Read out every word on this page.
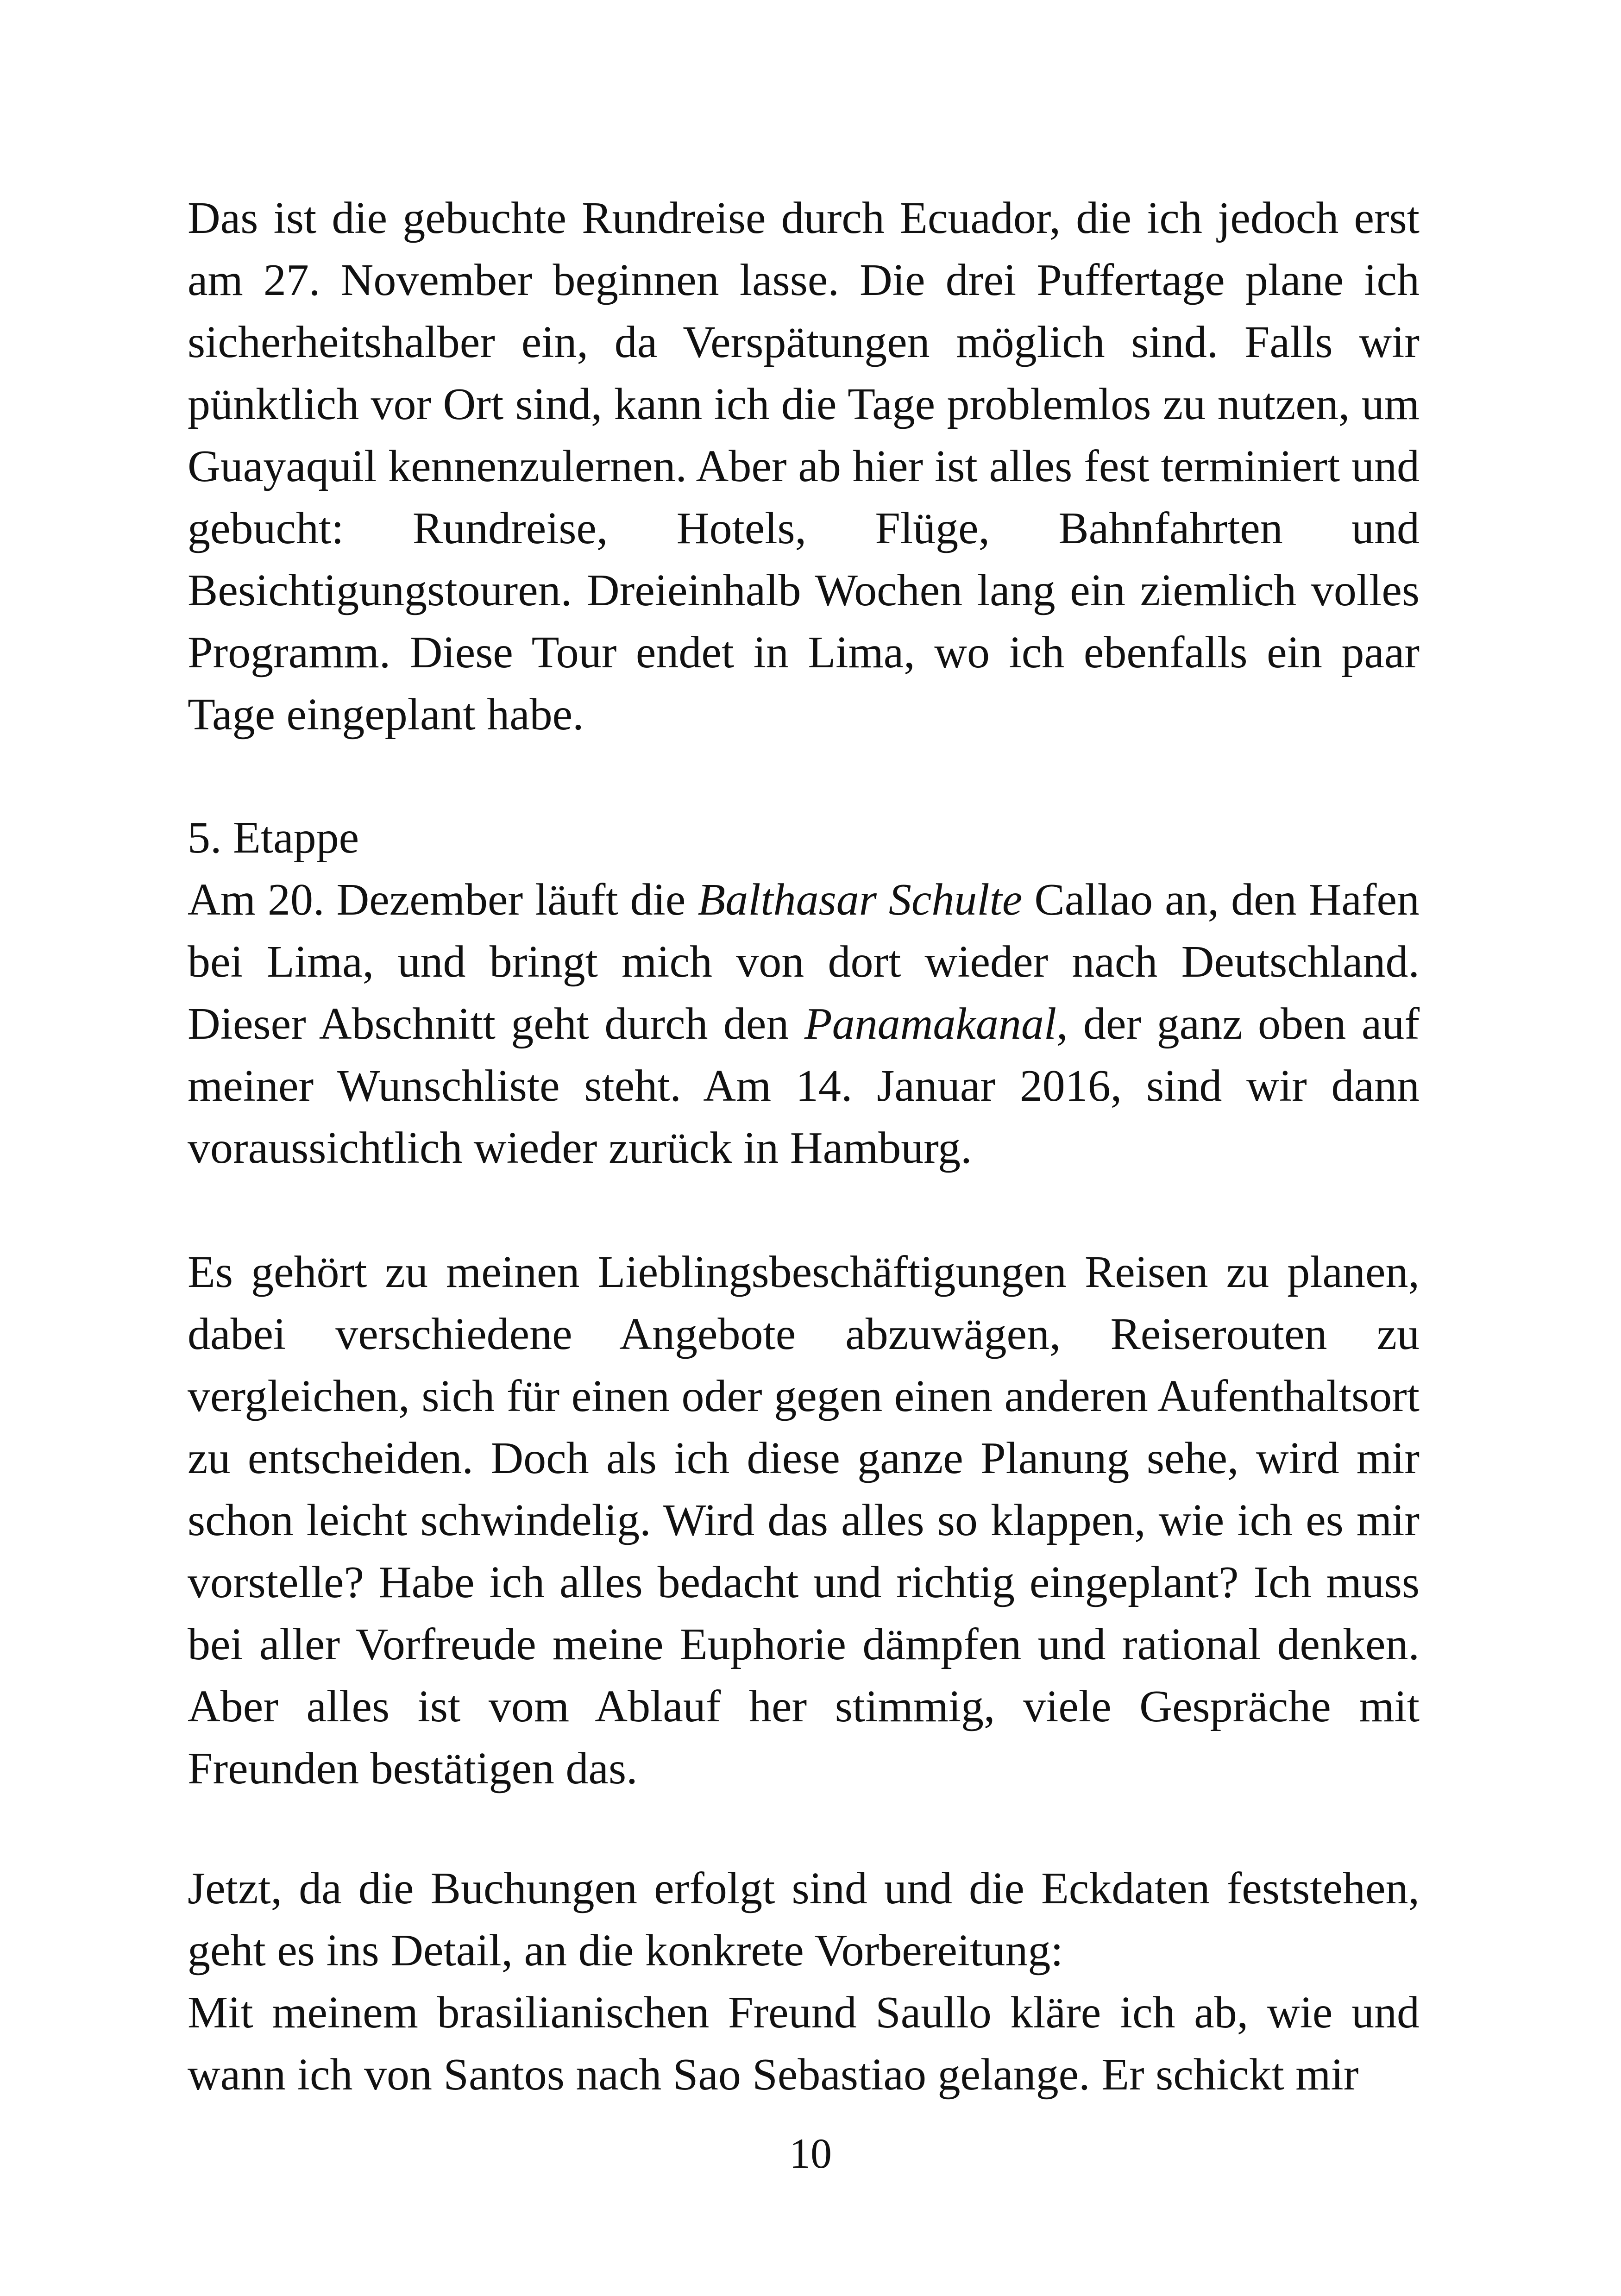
Das ist die gebuchte Rundreise durch Ecuador, die ich jedoch erst am 27. November beginnen lasse. Die drei Puffertage plane ich sicherheitshalber ein, da Verspätungen möglich sind. Falls wir pünktlich vor Ort sind, kann ich die Tage problemlos zu nutzen, um Guayaquil kennenzulernen. Aber ab hier ist alles fest terminiert und gebucht: Rundreise, Hotels, Flüge, Bahnfahrten und Besichtigungstouren. Dreieinhalb Wochen lang ein ziemlich volles Programm. Diese Tour endet in Lima, wo ich ebenfalls ein paar Tage eingeplant habe.

5. Etappe

Am 20. Dezember läuft die Balthasar Schulte Callao an, den Hafen bei Lima, und bringt mich von dort wieder nach Deutschland. Dieser Abschnitt geht durch den Panamakanal, der ganz oben auf meiner Wunschliste steht. Am 14. Januar 2016, sind wir dann voraussichtlich wieder zurück in Hamburg.

Es gehört zu meinen Lieblingsbeschäftigungen Reisen zu planen, dabei verschiedene Angebote abzuwägen, Reiserouten zu vergleichen, sich für einen oder gegen einen anderen Aufenthaltsort zu entscheiden. Doch als ich diese ganze Planung sehe, wird mir schon leicht schwindelig. Wird das alles so klappen, wie ich es mir vorstelle? Habe ich alles bedacht und richtig eingeplant? Ich muss bei aller Vorfreude meine Euphorie dämpfen und rational denken. Aber alles ist vom Ablauf her stimmig, viele Gespräche mit Freunden bestätigen das.

Jetzt, da die Buchungen erfolgt sind und die Eckdaten feststehen, geht es ins Detail, an die konkrete Vorbereitung:

Mit meinem brasilianischen Freund Saullo kläre ich ab, wie und wann ich von Santos nach Sao Sebastiao gelange. Er schickt mir

10
